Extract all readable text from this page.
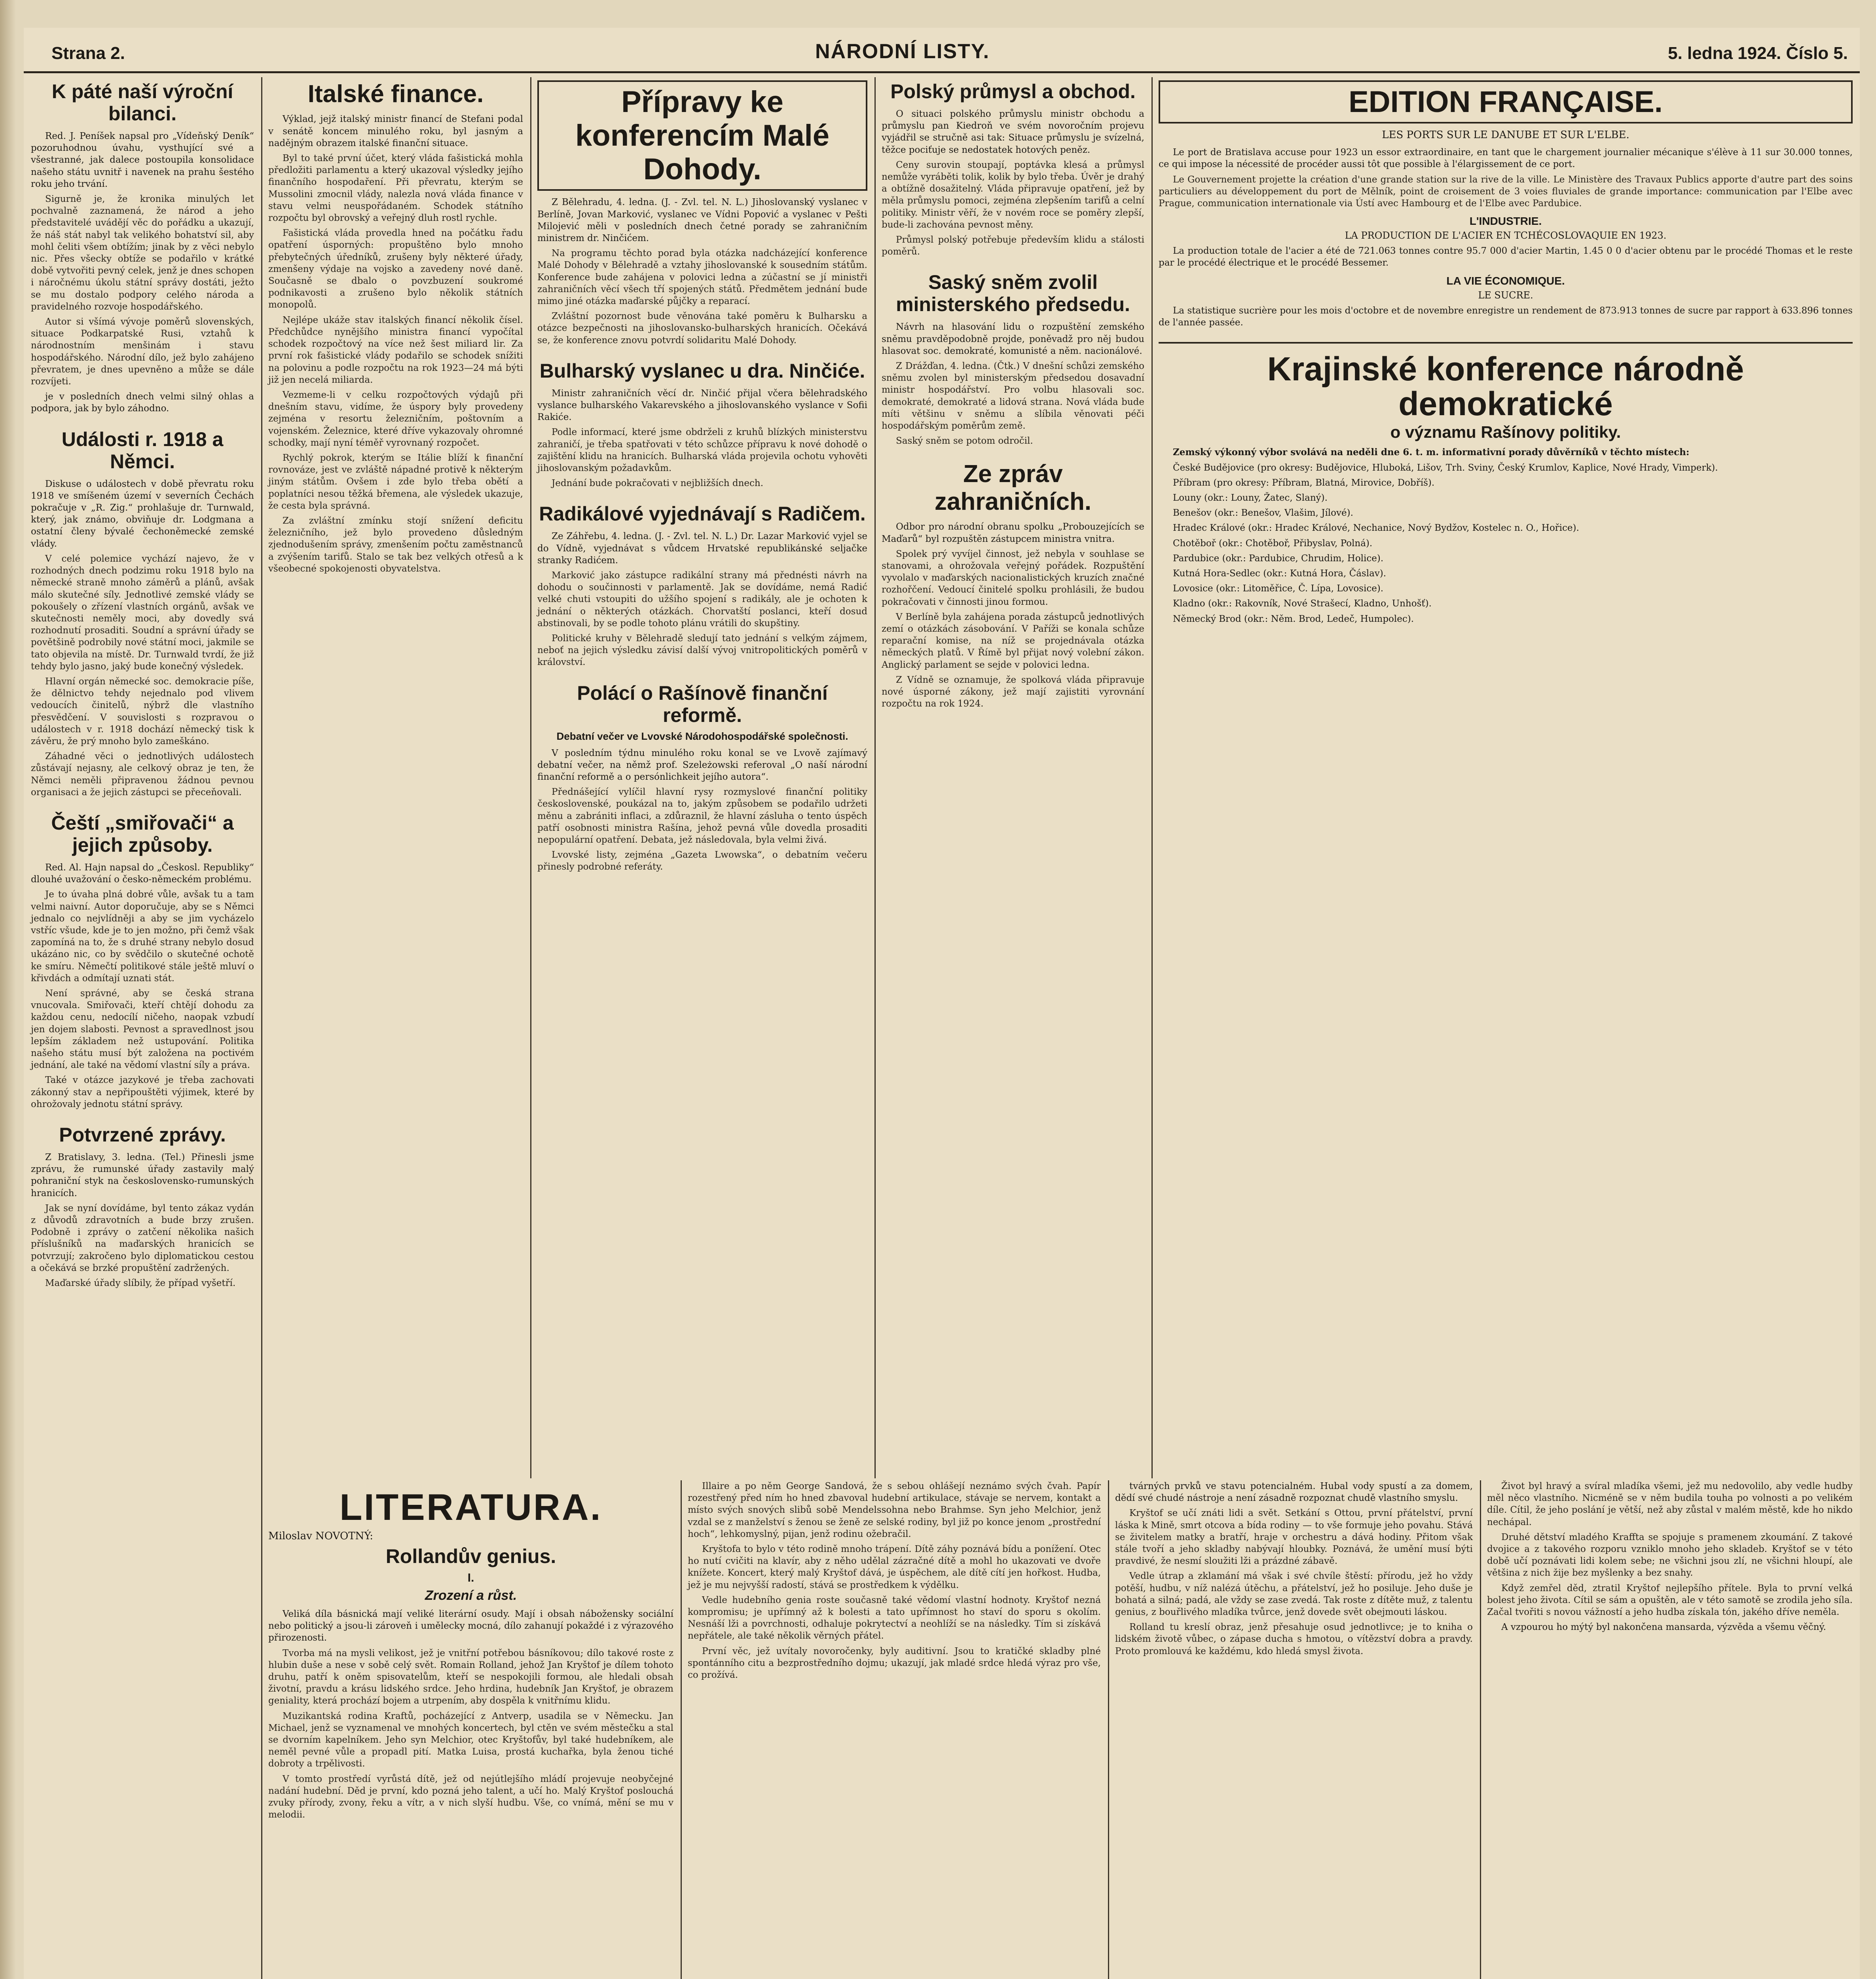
Strana 2.	NÁRODNÍ LISTY.	5. ledna 1924. Číslo 5.
K páté naší výroční bilanci.

Red. J. Peníšek napsal pro „Vídeňský Deník“ pozoruhodnou úvahu, vysthující své a všestranné, jak dalece postoupila konsolidace našeho státu uvnitř i navenek na prahu šestého roku jeho trvání.

Sigurně je, že kronika minulých let pochvalně zaznamená, že národ a jeho představitelé uvádějí věc do pořádku a ukazují, že náš stát nabyl tak velikého bohatství sil, aby mohl čeliti všem obtížím; jinak by z věci nebylo nic. Přes všecky obtíže se podařilo v krátké době vytvořiti pevný celek, jenž je dnes schopen i náročnému úkolu státní správy dostáti, ježto se mu dostalo podpory celého národa a pravidelného rozvoje hospodářského.

Autor si všímá vývoje poměrů slovenských, situace Podkarpatské Rusi, vztahů k národnostním menšinám i stavu hospodářského. Národní dílo, jež bylo zahájeno převratem, je dnes upevněno a může se dále rozvíjeti.

je v posledních dnech velmi silný ohlas a podpora, jak by bylo záhodno.

Události r. 1918 a Němci.

Diskuse o událostech v době převratu roku 1918 ve smíšeném území v severních Čechách pokračuje v „R. Zig.“ prohlašuje dr. Turnwald, který, jak známo, obviňuje dr. Lodgmana a ostatní členy bývalé čechoněmecké zemské vlády.

V celé polemice vychází najevo, že v rozhodných dnech podzimu roku 1918 bylo na německé straně mnoho záměrů a plánů, avšak málo skutečné síly. Jednotlivé zemské vlády se pokoušely o zřízení vlastních orgánů, avšak ve skutečnosti neměly moci, aby dovedly svá rozhodnutí prosaditi. Soudní a správní úřady se povětšině podrobily nové státní moci, jakmile se tato objevila na místě. Dr. Turnwald tvrdí, že již tehdy bylo jasno, jaký bude konečný výsledek.

Hlavní orgán německé soc. demokracie píše, že dělnictvo tehdy nejednalo pod vlivem vedoucích činitelů, nýbrž dle vlastního přesvědčení. V souvislosti s rozpravou o událostech v r. 1918 dochází německý tisk k závěru, že prý mnoho bylo zameškáno.

Záhadné věci o jednotlivých událostech zůstávají nejasny, ale celkový obraz je ten, že Němci neměli připravenou žádnou pevnou organisaci a že jejich zástupci se přeceňovali.

Čeští „smiřovači“ a jejich způsoby.

Red. Al. Hajn napsal do „Českosl. Republiky“ dlouhé uvažování o česko-německém problému.

Je to úvaha plná dobré vůle, avšak tu a tam velmi naivní. Autor doporučuje, aby se s Němci jednalo co nejvlídněji a aby se jim vycházelo vstříc všude, kde je to jen možno, při čemž však zapomíná na to, že s druhé strany nebylo dosud ukázáno nic, co by svědčilo o skutečné ochotě ke smíru. Němečtí politikové stále ještě mluví o křivdách a odmítají uznati stát.

Není správné, aby se česká strana vnucovala. Smiřovači, kteří chtějí dohodu za každou cenu, nedocílí ničeho, naopak vzbudí jen dojem slabosti. Pevnost a spravedlnost jsou lepším základem než ustupování. Politika našeho státu musí být založena na poctivém jednání, ale také na vědomí vlastní síly a práva.

Také v otázce jazykové je třeba zachovati zákonný stav a nepřipouštěti výjimek, které by ohrožovaly jednotu státní správy.

Potvrzené zprávy.

Z Bratislavy, 3. ledna. (Tel.) Přinesli jsme zprávu, že rumunské úřady zastavily malý pohraniční styk na československo-rumunských hranicích.

Jak se nyní dovídáme, byl tento zákaz vydán z důvodů zdravotních a bude brzy zrušen. Podobně i zprávy o zatčení několika našich příslušníků na maďarských hranicích se potvrzují; zakročeno bylo diplomatickou cestou a očekává se brzké propuštění zadržených.

Maďarské úřady slíbily, že případ vyšetří.

Italské finance.

Výklad, jejž italský ministr financí de Stefani podal v senátě koncem minulého roku, byl jasným a nadějným obrazem italské finanční situace.

Byl to také první účet, který vláda fašistická mohla předložiti parlamentu a který ukazoval výsledky jejího finančního hospodaření. Při převratu, kterým se Mussolini zmocnil vlády, nalezla nová vláda finance v stavu velmi neuspořádaném. Schodek státního rozpočtu byl obrovský a veřejný dluh rostl rychle.

Fašistická vláda provedla hned na počátku řadu opatření úsporných: propuštěno bylo mnoho přebytečných úředníků, zrušeny byly některé úřady, zmenšeny výdaje na vojsko a zavedeny nové daně. Současně se dbalo o povzbuzení soukromé podnikavosti a zrušeno bylo několik státních monopolů.

Nejlépe ukáže stav italských financí několik čísel. Předchůdce nynějšího ministra financí vypočítal schodek rozpočtový na více než šest miliard lir. Za první rok fašistické vlády podařilo se schodek snížiti na polovinu a podle rozpočtu na rok 1923—24 má býti již jen necelá miliarda.

Vezmeme-li v celku rozpočtových výdajů při dnešním stavu, vidíme, že úspory byly provedeny zejména v resortu železničním, poštovním a vojenském. Železnice, které dříve vykazovaly ohromné schodky, mají nyní téměř vyrovnaný rozpočet.

Rychlý pokrok, kterým se Itálie blíží k finanční rovnováze, jest ve zvláště nápadné protivě k některým jiným státům. Ovšem i zde bylo třeba obětí a poplatníci nesou těžká břemena, ale výsledek ukazuje, že cesta byla správná.

Za zvláštní zmínku stojí snížení deficitu železničního, jež bylo provedeno důsledným zjednodušením správy, zmenšením počtu zaměstnanců a zvýšením tarifů. Stalo se tak bez velkých otřesů a k všeobecné spokojenosti obyvatelstva.

Přípravy ke konferencím Malé Dohody.

Z Bělehradu, 4. ledna. (J. - Zvl. tel. N. L.) Jihoslovanský vyslanec v Berlíně, Jovan Marković, vyslanec ve Vídni Popović a vyslanec v Pešti Milojević měli v posledních dnech četné porady se zahraničním ministrem dr. Ninčićem.

Na programu těchto porad byla otázka nadcházející konference Malé Dohody v Bělehradě a vztahy jihoslovanské k sousedním státům. Konference bude zahájena v polovici ledna a zúčastní se jí ministři zahraničních věcí všech tří spojených států. Předmětem jednání bude mimo jiné otázka maďarské půjčky a reparací.

Zvláštní pozornost bude věnována také poměru k Bulharsku a otázce bezpečnosti na jihoslovansko-bulharských hranicích. Očekává se, že konference znovu potvrdí solidaritu Malé Dohody.

Bulharský vyslanec u dra. Ninčiće.

Ministr zahraničních věcí dr. Ninčić přijal včera bělehradského vyslance bulharského Vakarevského a jihoslovanského vyslance v Sofii Rakiće.

Podle informací, které jsme obdrželi z kruhů blízkých ministerstvu zahraničí, je třeba spatřovati v této schůzce přípravu k nové dohodě o zajištění klidu na hranicích. Bulharská vláda projevila ochotu vyhověti jihoslovanským požadavkům.

Jednání bude pokračovati v nejbližších dnech.

Radikálové vyjednávají s Radičem.

Ze Záhřebu, 4. ledna. (J. - Zvl. tel. N. L.) Dr. Lazar Marković vyjel se do Vídně, vyjednávat s vůdcem Hrvatské republikánské seljačke stranky Radićem.

Marković jako zástupce radikální strany má přednésti návrh na dohodu o součinnosti v parlamentě. Jak se dovídáme, nemá Radić velké chuti vstoupiti do užšího spojení s radikály, ale je ochoten k jednání o některých otázkách. Chorvatští poslanci, kteří dosud abstinovali, by se podle tohoto plánu vrátili do skupštiny.

Politické kruhy v Bělehradě sledují tato jednání s velkým zájmem, neboť na jejich výsledku závisí další vývoj vnitropolitických poměrů v království.

Polácí o Rašínově finanční reformě.
Debatní večer ve Lvovské Národohospodářské společnosti.

V posledním týdnu minulého roku konal se ve Lvově zajímavý debatní večer, na němž prof. Szeleżowski referoval „O naší národní finanční reformě a o persónlichkeit jejího autora“.

Přednášející vylíčil hlavní rysy rozmyslové finanční politiky československé, poukázal na to, jakým způsobem se podařilo udržeti měnu a zabrániti inflaci, a zdůraznil, že hlavní zásluha o tento úspěch patří osobnosti ministra Rašína, jehož pevná vůle dovedla prosaditi nepopulární opatření. Debata, jež následovala, byla velmi živá.

Lvovské listy, zejména „Gazeta Lwowska“, o debatním večeru přinesly podrobné referáty.

Polský průmysl a obchod.

O situaci polského průmyslu ministr obchodu a průmyslu pan Kiedroň ve svém novoročním projevu vyjádřil se stručně asi tak: Situace průmyslu je svízelná, těžce pociťuje se nedostatek hotových peněz.

Ceny surovin stoupají, poptávka klesá a průmysl nemůže vyráběti tolik, kolik by bylo třeba. Úvěr je drahý a obtížně dosažitelný. Vláda připravuje opatření, jež by měla průmyslu pomoci, zejména zlepšením tarifů a celní politiky. Ministr věří, že v novém roce se poměry zlepší, bude-li zachována pevnost měny.

Průmysl polský potřebuje především klidu a stálosti poměrů.

Saský sněm zvolil ministerského předsedu.

Návrh na hlasování lidu o rozpuštění zemského sněmu pravděpodobně projde, poněvadž pro něj budou hlasovat soc. demokraté, komunisté a něm. nacionálové.

Z Drážďan, 4. ledna. (Čtk.) V dnešní schůzi zemského sněmu zvolen byl ministerským předsedou dosavadní ministr hospodářství. Pro volbu hlasovali soc. demokraté, demokraté a lidová strana. Nová vláda bude míti většinu v sněmu a slíbila věnovati péči hospodářským poměrům země.

Saský sněm se potom odročil.

Ze zpráv zahraničních.

Odbor pro národní obranu spolku „Probouzejících se Maďarů“ byl rozpuštěn zástupcem ministra vnitra.

Spolek prý vyvíjel činnost, jež nebyla v souhlase se stanovami, a ohrožovala veřejný pořádek. Rozpuštění vyvolalo v maďarských nacionalistických kruzích značné rozhořčení. Vedoucí činitelé spolku prohlásili, že budou pokračovati v činnosti jinou formou.

V Berlíně byla zahájena porada zástupců jednotlivých zemí o otázkách zásobování. V Paříži se konala schůze reparační komise, na níž se projednávala otázka německých platů. V Římě byl přijat nový volební zákon. Anglický parlament se sejde v polovici ledna.

Z Vídně se oznamuje, že spolková vláda připravuje nové úsporné zákony, jež mají zajistiti vyrovnání rozpočtu na rok 1924.

EDITION FRANÇAISE.
LES PORTS SUR LE DANUBE ET SUR L'ELBE.

Le port de Bratislava accuse pour 1923 un essor extraordinaire, en tant que le chargement journalier mécanique s'élève à 11 sur 30.000 tonnes, ce qui impose la nécessité de procéder aussi tôt que possible à l'élargissement de ce port.

Le Gouvernement projette la création d'une grande station sur la rive de la ville. Le Ministère des Travaux Publics apporte d'autre part des soins particuliers au développement du port de Mělník, point de croisement de 3 voies fluviales de grande importance: communication par l'Elbe avec Prague, communication internationale via Ústí avec Hambourg et de l'Elbe avec Pardubice.

L'INDUSTRIE.
LA PRODUCTION DE L'ACIER EN TCHÉCOSLOVAQUIE EN 1923.

La production totale de l'acier a été de 721.063 tonnes contre 95.7 000 d'acier Martin, 1.45 0 0 d'acier obtenu par le procédé Thomas et le reste par le procédé électrique et le procédé Bessemer.

LA VIE ÉCONOMIQUE.
LE SUCRE.

La statistique sucrière pour les mois d'octobre et de novembre enregistre un rendement de 873.913 tonnes de sucre par rapport à 633.896 tonnes de l'année passée.

Krajinské konference národně demokratické
o významu Rašínovy politiky.

Zemský výkonný výbor svolává na neděli dne 6. t. m. informativní porady důvěrníků v těchto místech:

České Budějovice (pro okresy: Budějovice, Hluboká, Lišov, Trh. Sviny, Český Krumlov, Kaplice, Nové Hrady, Vimperk).

Příbram (pro okresy: Příbram, Blatná, Mirovice, Dobříš).

Louny (okr.: Louny, Žatec, Slaný).

Benešov (okr.: Benešov, Vlašim, Jílové).

Hradec Králové (okr.: Hradec Králové, Nechanice, Nový Bydžov, Kostelec n. O., Hořice).

Chotěboř (okr.: Chotěboř, Přibyslav, Polná).

Pardubice (okr.: Pardubice, Chrudim, Holice).

Kutná Hora-Sedlec (okr.: Kutná Hora, Čáslav).

Lovosice (okr.: Litoměřice, Č. Lípa, Lovosice).

Kladno (okr.: Rakovník, Nové Strašecí, Kladno, Unhošť).

Německý Brod (okr.: Něm. Brod, Ledeč, Humpolec).

LITERATURA.
Miloslav NOVOTNÝ:
Rollandův genius.
I.
Zrození a růst.

Veliká díla básnická mají veliké literární osudy. Mají i obsah nábožensky sociální nebo politický a jsou-li zároveň i umělecky mocná, dílo zahanují pokaždé i z výrazového přirozenosti.

Tvorba má na mysli velikost, jež je vnitřní potřebou básníkovou; dílo takové roste z hlubin duše a nese v sobě celý svět. Romain Rolland, jehož Jan Kryštof je dílem tohoto druhu, patří k oněm spisovatelům, kteří se nespokojili formou, ale hledali obsah životní, pravdu a krásu lidského srdce. Jeho hrdina, hudebník Jan Kryštof, je obrazem geniality, která prochází bojem a utrpením, aby dospěla k vnitřnímu klidu.

Muzikantská rodina Kraftů, pocházející z Antverp, usadila se v Německu. Jan Michael, jenž se vyznamenal ve mnohých koncertech, byl ctěn ve svém městečku a stal se dvorním kapelníkem. Jeho syn Melchior, otec Kryštofův, byl také hudebníkem, ale neměl pevné vůle a propadl pití. Matka Luisa, prostá kuchařka, byla ženou tiché dobroty a trpělivosti.

V tomto prostředí vyrůstá dítě, jež od nejútlejšího mládí projevuje neobyčejné nadání hudební. Děd je první, kdo pozná jeho talent, a učí ho. Malý Kryštof poslouchá zvuky přírody, zvony, řeku a vítr, a v nich slyší hudbu. Vše, co vnímá, mění se mu v melodii.

Illaire a po něm George Sandová, že s sebou ohlášejí neznámo svých čvah. Papír rozestřený před ním ho hned zbavoval hudební artikulace, stávaje se nervem, kontakt a místo svých snových slibů sobě Mendelssohna nebo Brahmse. Syn jeho Melchior, jenž vzdal se z manželství s ženou se ženě ze selské rodiny, byl již po konce jenom „prostřední hoch“, lehkomyslný, pijan, jenž rodinu ožebračil.

Kryštofa to bylo v této rodině mnoho trápení. Dítě záhy poznává bídu a ponížení. Otec ho nutí cvičiti na klavír, aby z něho udělal zázračné dítě a mohl ho ukazovati ve dvoře knížete. Koncert, který malý Kryštof dává, je úspěchem, ale dítě cítí jen hořkost. Hudba, jež je mu nejvyšší radostí, stává se prostředkem k výdělku.

Vedle hudebního genia roste současně také vědomí vlastní hodnoty. Kryštof nezná kompromisu; je upřímný až k bolesti a tato upřímnost ho staví do sporu s okolím. Nesnáší lži a povrchnosti, odhaluje pokrytectví a neohlíží se na následky. Tím si získává nepřátele, ale také několik věrných přátel.

První věc, jež uvítaly novoročenky, byly auditivní. Jsou to kratičké skladby plné spontánního citu a bezprostředního dojmu; ukazují, jak mladé srdce hledá výraz pro vše, co prožívá.

tvárných prvků ve stavu potencialném. Hubal vody spustí a za domem, dědí své chudé nástroje a není zásadně rozpoznat chudě vlastního smyslu.

Kryštof se učí znáti lidi a svět. Setkání s Ottou, první přátelství, první láska k Mině, smrt otcova a bída rodiny — to vše formuje jeho povahu. Stává se živitelem matky a bratří, hraje v orchestru a dává hodiny. Přitom však stále tvoří a jeho skladby nabývají hloubky. Poznává, že umění musí býti pravdivé, že nesmí sloužiti lži a prázdné zábavě.

Vedle útrap a zklamání má však i své chvíle štěstí: přírodu, jež ho vždy potěší, hudbu, v níž nalézá útěchu, a přátelství, jež ho posiluje. Jeho duše je bohatá a silná; padá, ale vždy se zase zvedá. Tak roste z dítěte muž, z talentu genius, z bouřlivého mladíka tvůrce, jenž dovede svět obejmouti láskou.

Rolland tu kreslí obraz, jenž přesahuje osud jednotlivce; je to kniha o lidském životě vůbec, o zápase ducha s hmotou, o vítězství dobra a pravdy. Proto promlouvá ke každému, kdo hledá smysl života.

Život byl hravý a svíral mladíka všemi, jež mu nedovolilo, aby vedle hudby měl něco vlastního. Nicméně se v něm budila touha po volnosti a po velikém díle. Cítil, že jeho poslání je větší, než aby zůstal v malém městě, kde ho nikdo nechápal.

Druhé dětství mladého Kraffta se spojuje s pramenem zkoumání. Z takové dvojice a z takového rozporu vzniklo mnoho jeho skladeb. Kryštof se v této době učí poznávati lidi kolem sebe; ne všichni jsou zlí, ne všichni hloupí, ale většina z nich žije bez myšlenky a bez snahy.

Když zemřel děd, ztratil Kryštof nejlepšího přítele. Byla to první velká bolest jeho života. Cítil se sám a opuštěn, ale v této samotě se zrodila jeho síla. Začal tvořiti s novou vážností a jeho hudba získala tón, jakého dříve neměla.

A vzpourou ho mýtý byl nakončena mansarda, výzvěda a všemu věčný.
